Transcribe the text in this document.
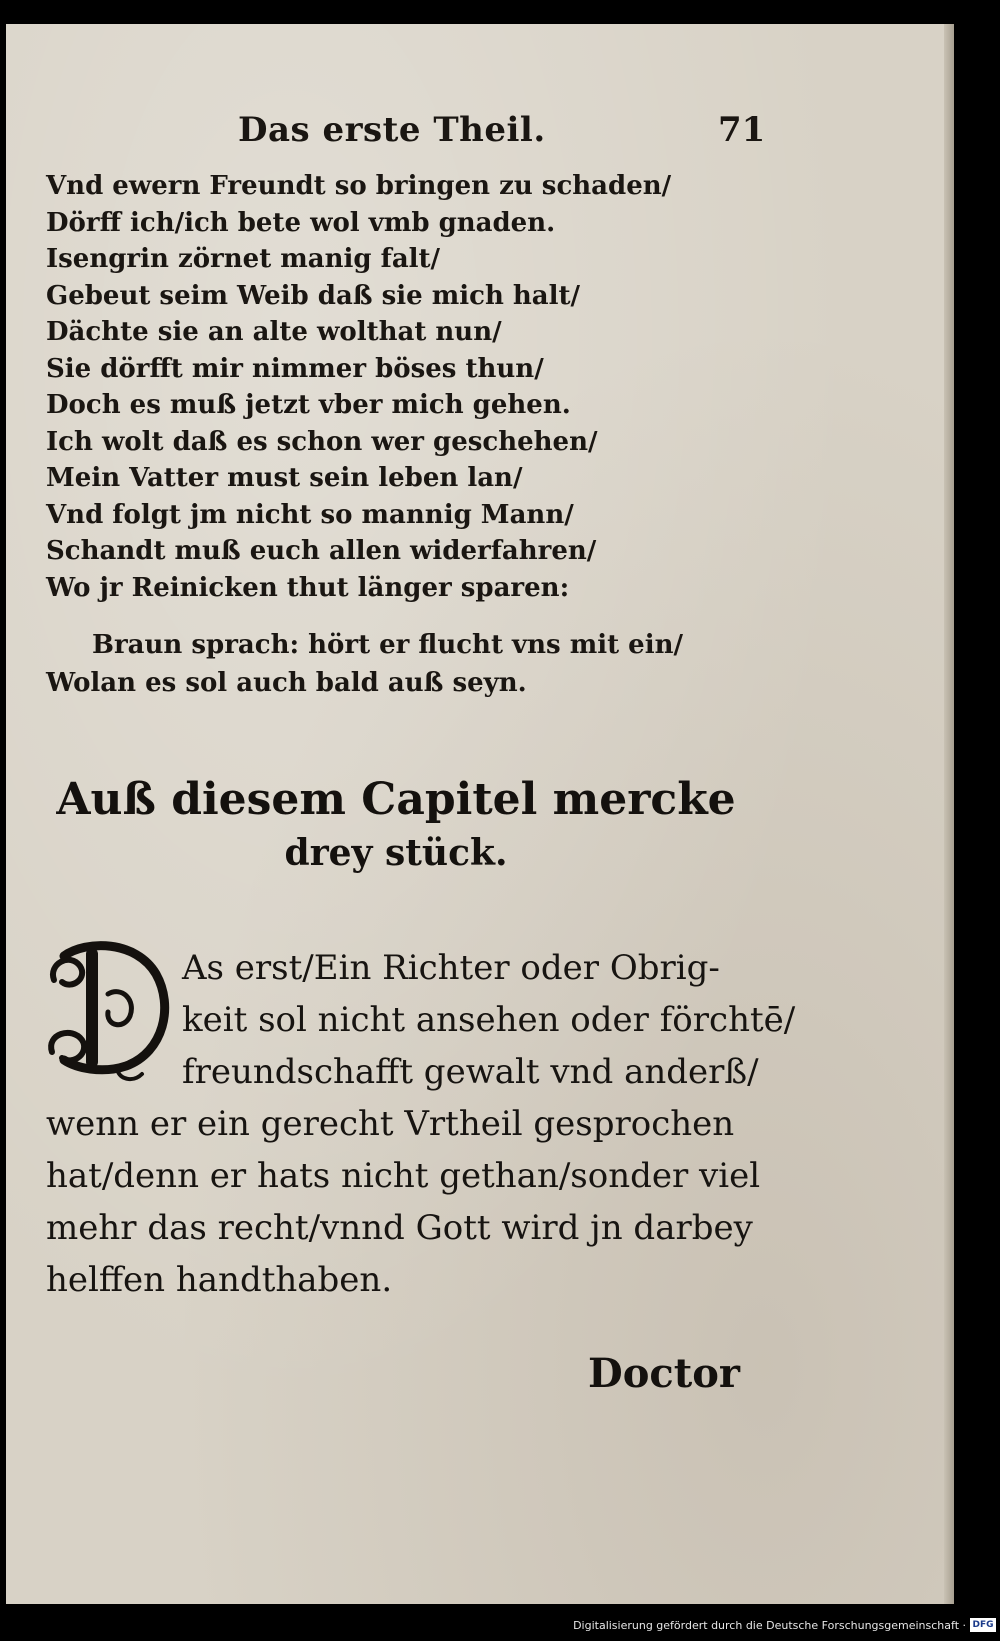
Das erste Theil.	71
Vnd ewern Freundt so bringen zu schaden/
Dörff ich/ich bete wol vmb gnaden.
Isengrin zörnet manig falt/
Gebeut seim Weib daß sie mich halt/
Dächte sie an alte wolthat nun/
Sie dörfft mir nimmer böses thun/
Doch es muß jetzt vber mich gehen.
Ich wolt daß es schon wer geschehen/
Mein Vatter must sein leben lan/
Vnd folgt jm nicht so mannig Mann/
Schandt muß euch allen widerfahren/
Wo jr Reinicken thut länger sparen:
Braun sprach: hört er flucht vns mit ein/
Wolan es sol auch bald auß seyn.
Auß diesem Capitel mercke
drey stück.
As erst/Ein Richter oder Obrig-
keit sol nicht ansehen oder förchtē/
freundschafft gewalt vnd anderß/
wenn er ein gerecht Vrtheil gesprochen
hat/denn er hats nicht gethan/sonder viel
mehr das recht/vnnd Gott wird jn darbey
helffen handthaben.
Doctor
Digitalisierung gefördert durch die Deutsche Forschungsgemeinschaft · DFG
